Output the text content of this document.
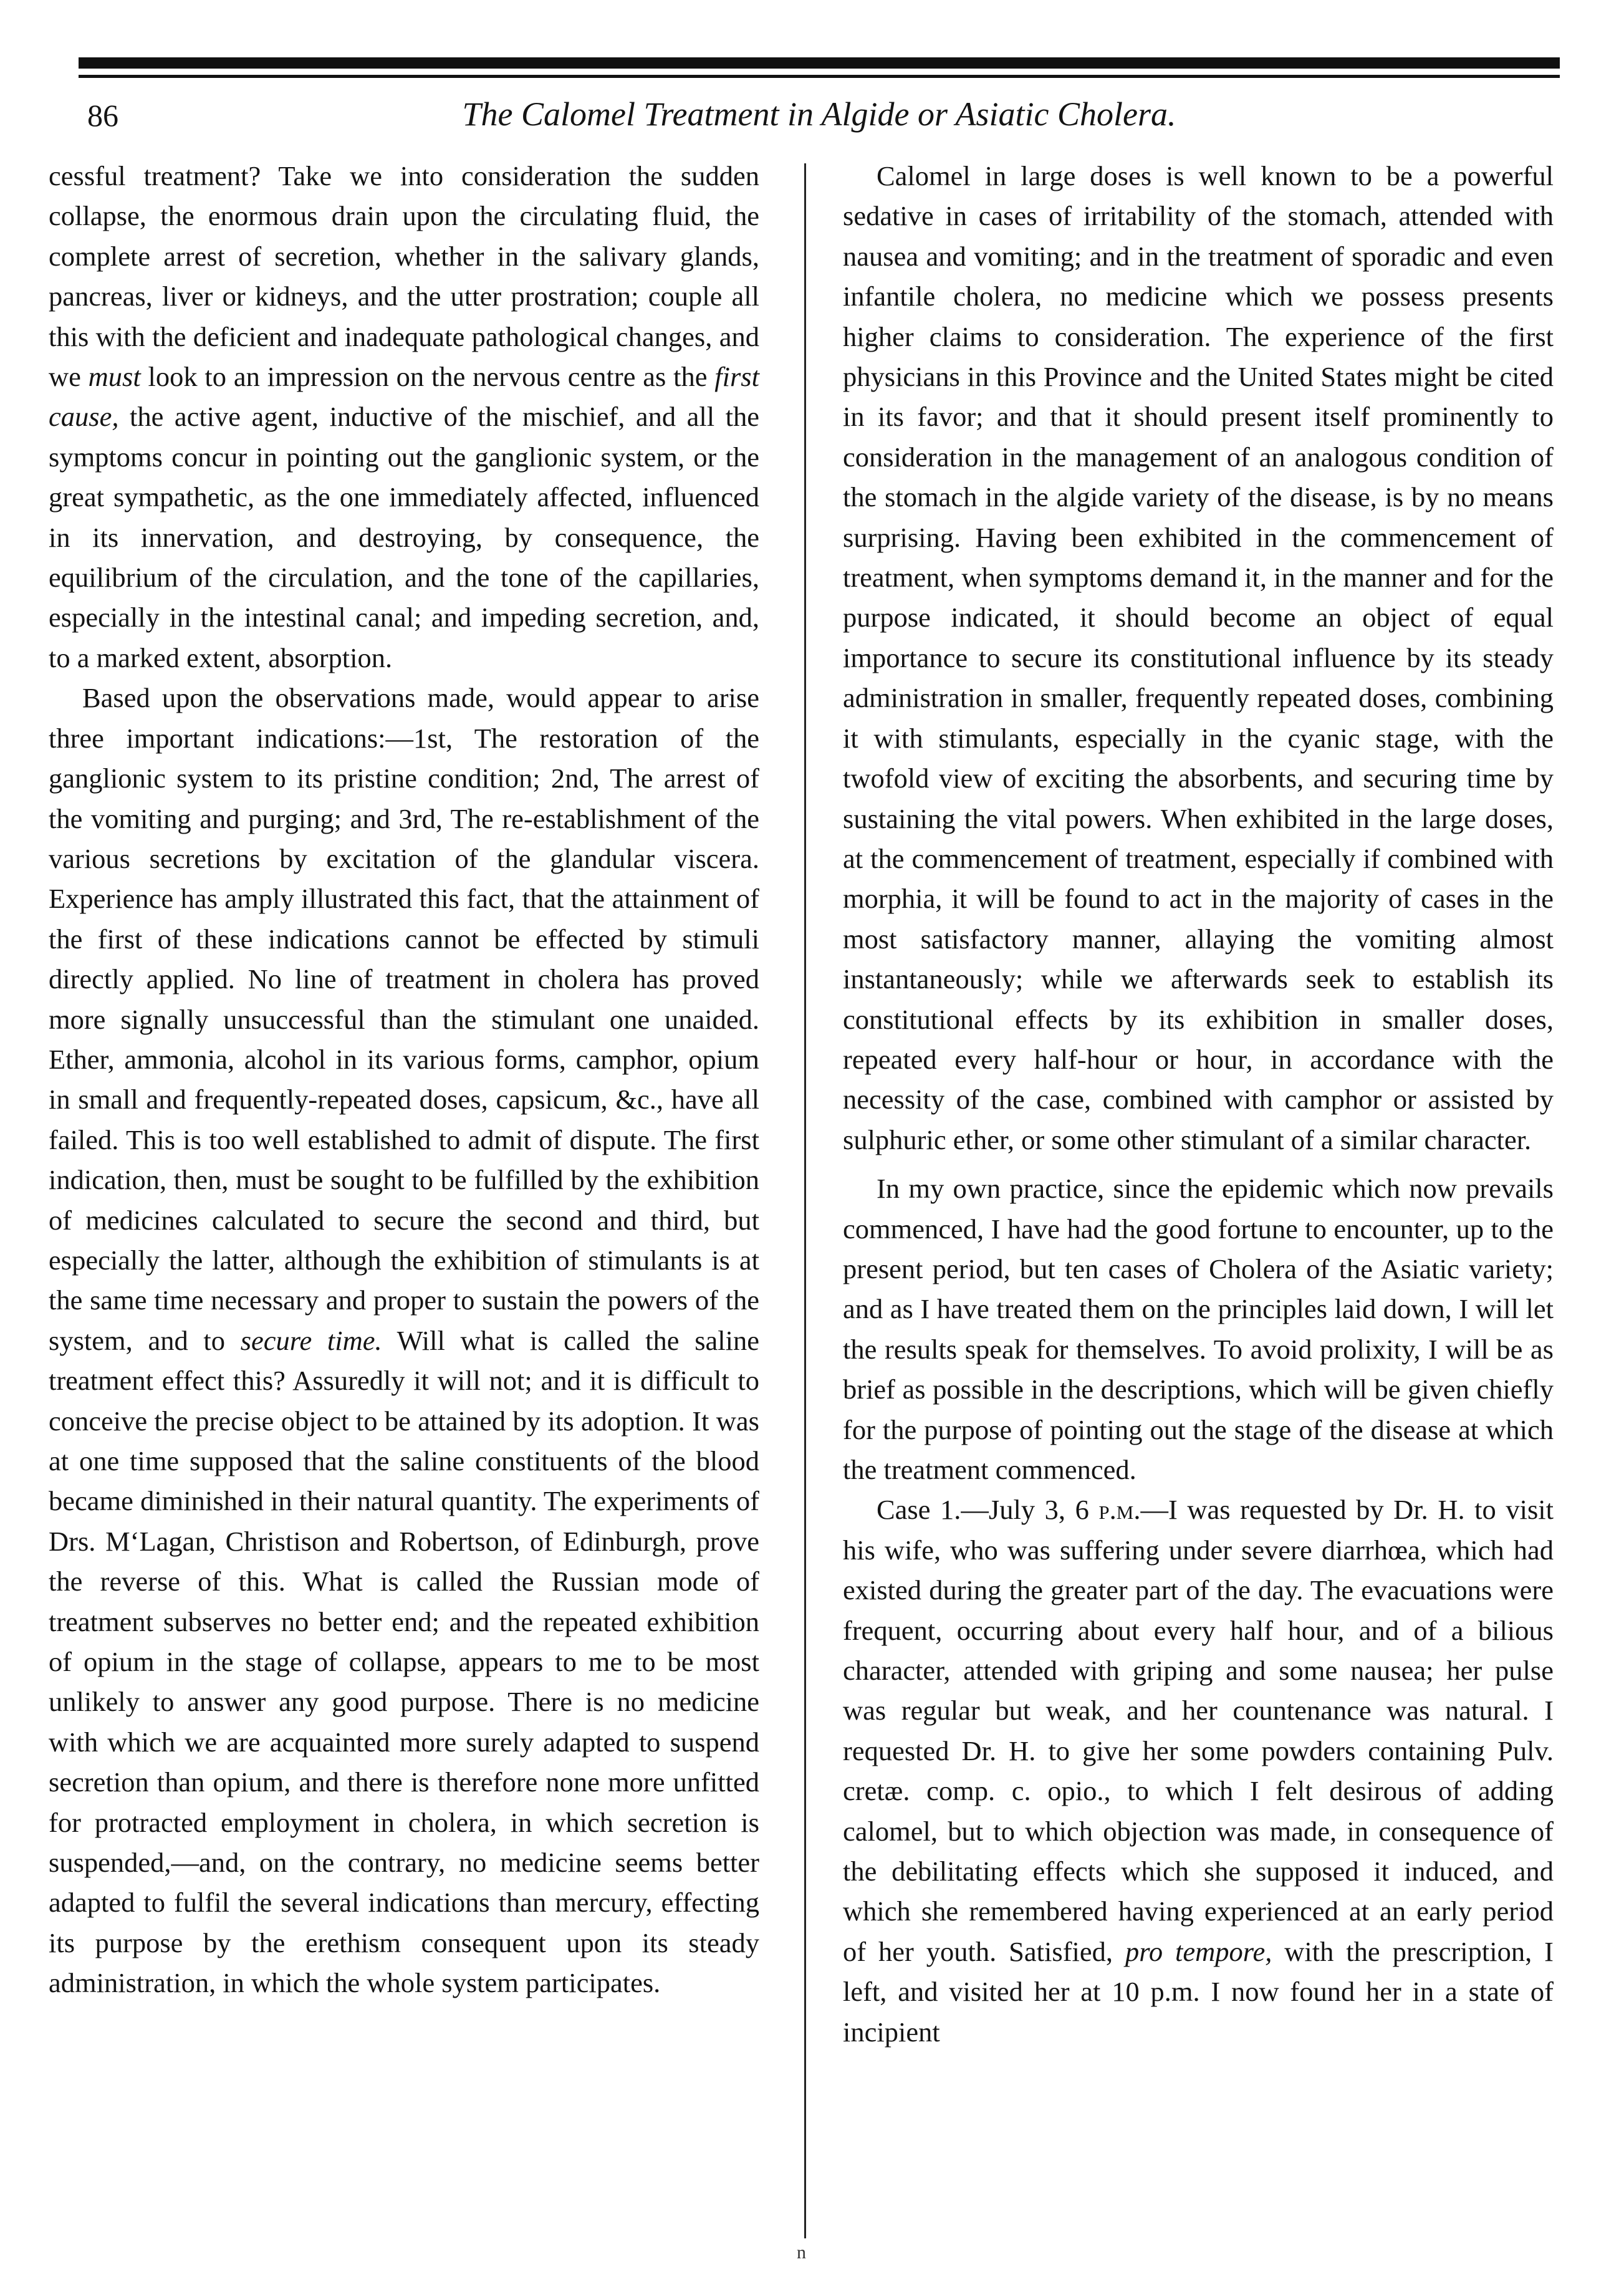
86	The Calomel Treatment in Algide or Asiatic Cholera.

cessful treatment? Take we into consideration the sudden collapse, the enormous drain upon the circulating fluid, the complete arrest of secretion, whether in the salivary glands, pancreas, liver or kidneys, and the utter prostration; couple all this with the deficient and inadequate pathological changes, and we must look to an impression on the nervous centre as the first cause, the active agent, inductive of the mischief, and all the symptoms concur in pointing out the ganglionic system, or the great sympathetic, as the one immediately affected, influenced in its innervation, and destroying, by consequence, the equilibrium of the circulation, and the tone of the capillaries, especially in the intestinal canal; and impeding secretion, and, to a marked extent, absorption.

Based upon the observations made, would appear to arise three important indications:—1st, The restoration of the ganglionic system to its pristine condition; 2nd, The arrest of the vomiting and purging; and 3rd, The re-establishment of the various secretions by excitation of the glandular viscera. Experience has amply illustrated this fact, that the attainment of the first of these indications cannot be effected by stimuli directly applied. No line of treatment in cholera has proved more signally unsuccessful than the stimulant one unaided. Ether, ammonia, alcohol in its various forms, camphor, opium in small and frequently-repeated doses, capsicum, &c., have all failed. This is too well established to admit of dispute. The first indication, then, must be sought to be fulfilled by the exhibition of medicines calculated to secure the second and third, but especially the latter, although the exhibition of stimulants is at the same time necessary and proper to sustain the powers of the system, and to secure time. Will what is called the saline treatment effect this? Assuredly it will not; and it is difficult to conceive the precise object to be attained by its adoption. It was at one time supposed that the saline constituents of the blood became diminished in their natural quantity. The experiments of Drs. M‘Lagan, Christison and Robertson, of Edinburgh, prove the reverse of this. What is called the Russian mode of treatment subserves no better end; and the repeated exhibition of opium in the stage of collapse, appears to me to be most unlikely to answer any good purpose. There is no medicine with which we are acquainted more surely adapted to suspend secretion than opium, and there is therefore none more unfitted for protracted employment in cholera, in which secretion is suspended,—and, on the contrary, no medicine seems better adapted to fulfil the several indications than mercury, effecting its purpose by the erethism consequent upon its steady administration, in which the whole system participates.

Calomel in large doses is well known to be a powerful sedative in cases of irritability of the stomach, attended with nausea and vomiting; and in the treatment of sporadic and even infantile cholera, no medicine which we possess presents higher claims to consideration. The experience of the first physicians in this Province and the United States might be cited in its favor; and that it should present itself prominently to consideration in the management of an analogous condition of the stomach in the algide variety of the disease, is by no means surprising. Having been exhibited in the commencement of treatment, when symptoms demand it, in the manner and for the purpose indicated, it should become an object of equal importance to secure its constitutional influence by its steady administration in smaller, frequently repeated doses, combining it with stimulants, especially in the cyanic stage, with the twofold view of exciting the absorbents, and securing time by sustaining the vital powers. When exhibited in the large doses, at the commencement of treatment, especially if combined with morphia, it will be found to act in the majority of cases in the most satisfactory manner, allaying the vomiting almost instantaneously; while we afterwards seek to establish its constitutional effects by its exhibition in smaller doses, repeated every half-hour or hour, in accordance with the necessity of the case, combined with camphor or assisted by sulphuric ether, or some other stimulant of a similar character.

In my own practice, since the epidemic which now prevails commenced, I have had the good fortune to encounter, up to the present period, but ten cases of Cholera of the Asiatic variety; and as I have treated them on the principles laid down, I will let the results speak for themselves. To avoid prolixity, I will be as brief as possible in the descriptions, which will be given chiefly for the purpose of pointing out the stage of the disease at which the treatment commenced.

Case 1.—July 3, 6 p.m.—I was requested by Dr. H. to visit his wife, who was suffering under severe diarrhœa, which had existed during the greater part of the day. The evacuations were frequent, occurring about every half hour, and of a bilious character, attended with griping and some nausea; her pulse was regular but weak, and her countenance was natural. I requested Dr. H. to give her some powders containing Pulv. cretæ. comp. c. opio., to which I felt desirous of adding calomel, but to which objection was made, in consequence of the debilitating effects which she supposed it induced, and which she remembered having experienced at an early period of her youth. Satisfied, pro tempore, with the prescription, I left, and visited her at 10 p.m. I now found her in a state of incipient

n
